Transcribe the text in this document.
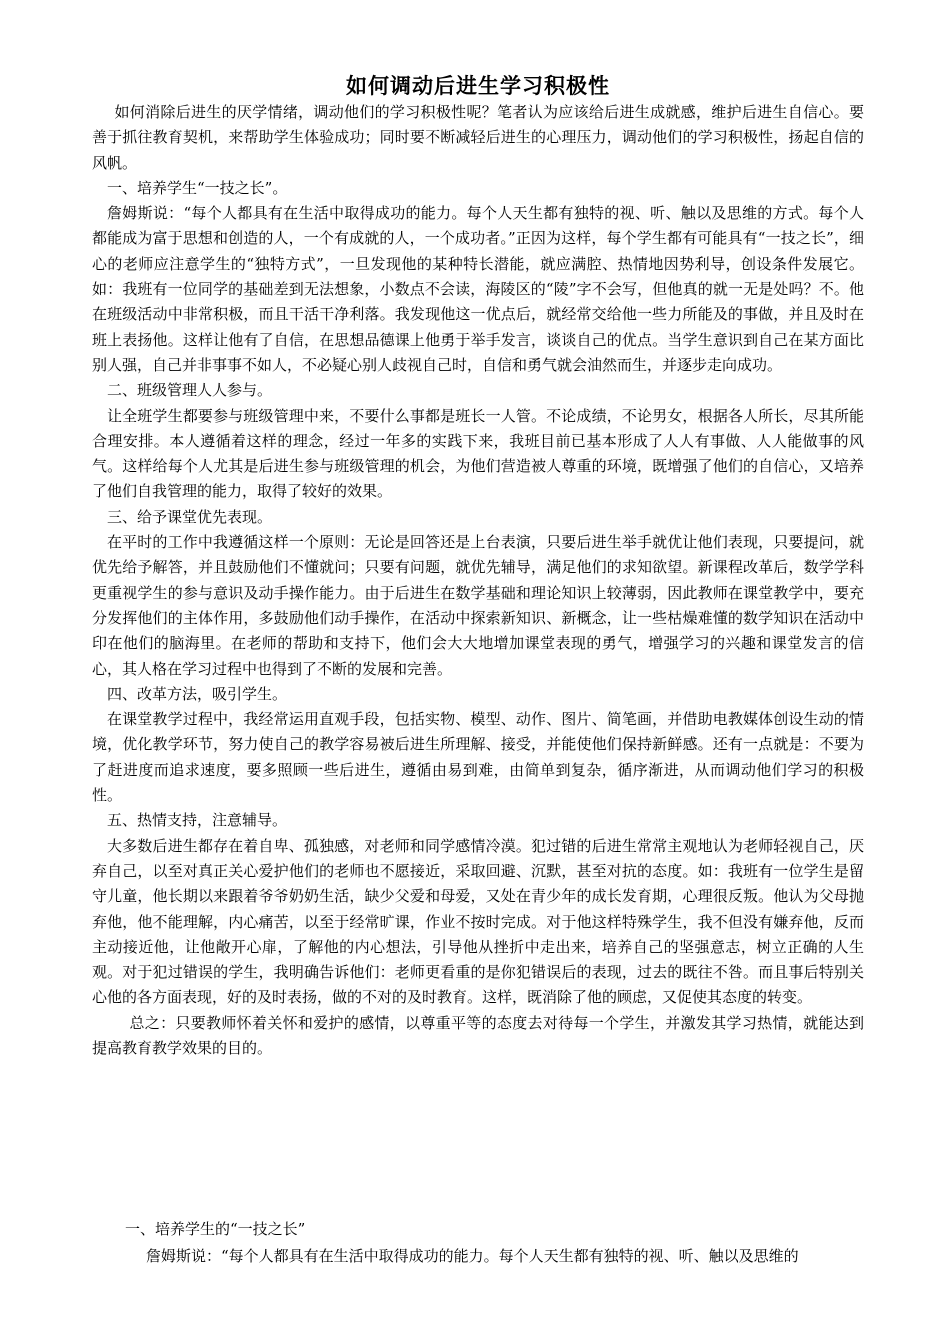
如何调动后进生学习积极性

如何消除后进生的厌学情绪，调动他们的学习积极性呢？笔者认为应该给后进生成就感，维护后进生自信心。要善于抓往教育契机，来帮助学生体验成功；同时要不断减轻后进生的心理压力，调动他们的学习积极性，扬起自信的风帆。

一、培养学生“一技之长”。

詹姆斯说：“每个人都具有在生活中取得成功的能力。每个人天生都有独特的视、听、触以及思维的方式。每个人都能成为富于思想和创造的人，一个有成就的人，一个成功者。”正因为这样，每个学生都有可能具有“一技之长”，细心的老师应注意学生的“独特方式”，一旦发现他的某种特长潜能，就应满腔、热情地因势利导，创设条件发展它。如：我班有一位同学的基础差到无法想象，小数点不会读，海陵区的“陵”字不会写，但他真的就一无是处吗？不。他在班级活动中非常积极，而且干活干净利落。我发现他这一优点后，就经常交给他一些力所能及的事做，并且及时在班上表扬他。这样让他有了自信，在思想品德课上他勇于举手发言，谈谈自己的优点。当学生意识到自己在某方面比别人强，自己并非事事不如人，不必疑心别人歧视自己时，自信和勇气就会油然而生，并逐步走向成功。

二、班级管理人人参与。

让全班学生都要参与班级管理中来，不要什么事都是班长一人管。不论成绩，不论男女，根据各人所长，尽其所能合理安排。本人遵循着这样的理念，经过一年多的实践下来，我班目前已基本形成了人人有事做、人人能做事的风气。这样给每个人尤其是后进生参与班级管理的机会，为他们营造被人尊重的环境，既增强了他们的自信心，又培养了他们自我管理的能力，取得了较好的效果。

三、给予课堂优先表现。

在平时的工作中我遵循这样一个原则：无论是回答还是上台表演，只要后进生举手就优让他们表现，只要提问，就优先给予解答，并且鼓励他们不懂就问；只要有问题，就优先辅导，满足他们的求知欲望。新课程改革后，数学学科更重视学生的参与意识及动手操作能力。由于后进生在数学基础和理论知识上较薄弱，因此教师在课堂教学中，要充分发挥他们的主体作用，多鼓励他们动手操作，在活动中探索新知识、新概念，让一些枯燥难懂的数学知识在活动中印在他们的脑海里。在老师的帮助和支持下，他们会大大地增加课堂表现的勇气，增强学习的兴趣和课堂发言的信心，其人格在学习过程中也得到了不断的发展和完善。

四、改革方法，吸引学生。

在课堂教学过程中，我经常运用直观手段，包括实物、模型、动作、图片、简笔画，并借助电教媒体创设生动的情境，优化教学环节，努力使自己的教学容易被后进生所理解、接受，并能使他们保持新鲜感。还有一点就是：不要为了赶进度而追求速度，要多照顾一些后进生，遵循由易到难，由简单到复杂，循序渐进，从而调动他们学习的积极性。

五、热情支持，注意辅导。

大多数后进生都存在着自卑、孤独感，对老师和同学感情冷漠。犯过错的后进生常常主观地认为老师轻视自己，厌弃自己，以至对真正关心爱护他们的老师也不愿接近，采取回避、沉默，甚至对抗的态度。如：我班有一位学生是留守儿童，他长期以来跟着爷爷奶奶生活，缺少父爱和母爱，又处在青少年的成长发育期，心理很反叛。他认为父母抛弃他，他不能理解，内心痛苦，以至于经常旷课，作业不按时完成。对于他这样特殊学生，我不但没有嫌弃他，反而主动接近他，让他敞开心扉，了解他的内心想法，引导他从挫折中走出来，培养自己的坚强意志，树立正确的人生观。对于犯过错误的学生，我明确告诉他们：老师更看重的是你犯错误后的表现，过去的既往不咎。而且事后特别关心他的各方面表现，好的及时表扬，做的不对的及时教育。这样，既消除了他的顾虑，又促使其态度的转变。

总之：只要教师怀着关怀和爱护的感情，以尊重平等的态度去对待每一个学生，并激发其学习热情，就能达到提高教育教学效果的目的。

一、培养学生的“一技之长”

詹姆斯说：“每个人都具有在生活中取得成功的能力。每个人天生都有独特的视、听、触以及思维的
